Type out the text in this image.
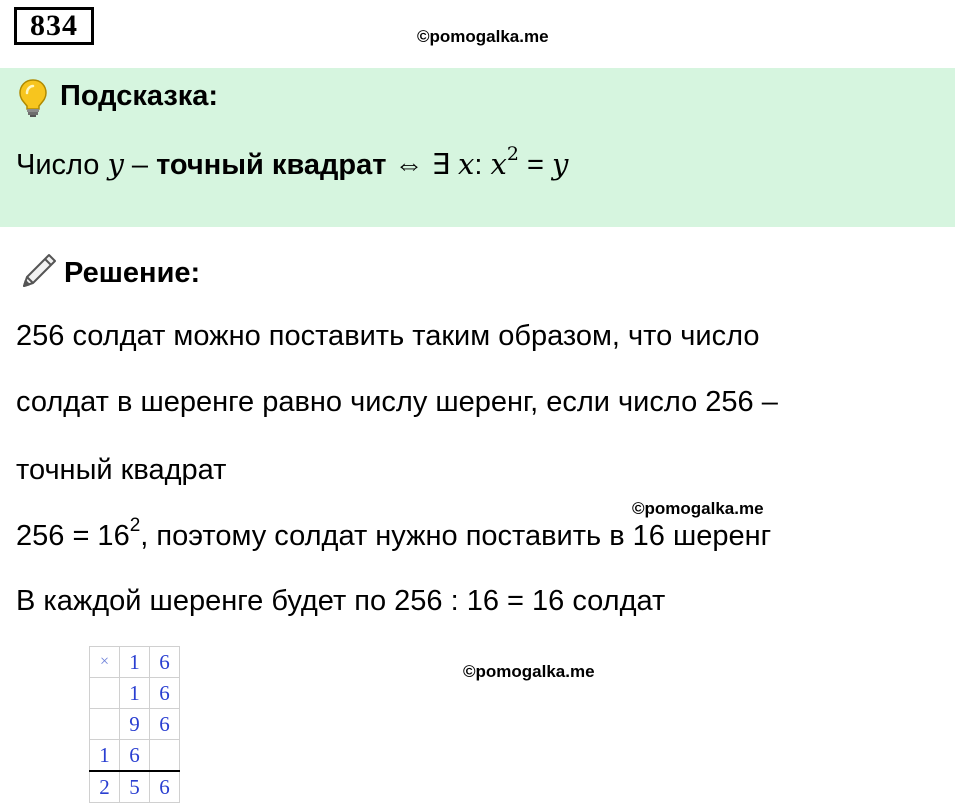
834	©pomogalka.me
Подсказка:
Число y – точный квадрат ⇔ ∃ x: $x^2 = y$
Решение:
256 солдат можно поставить таким образом, что число
солдат в шеренге равно числу шеренг, если число 256 –
точный квадрат
©pomogalka.me
$256 = 16^2$, поэтому солдат нужно поставить в 16 шеренг
В каждой шеренге будет по 256 : 16 = 16 солдат
×	1	6
	1	6
	9	6
1	6	
2	5	6
©pomogalka.me
